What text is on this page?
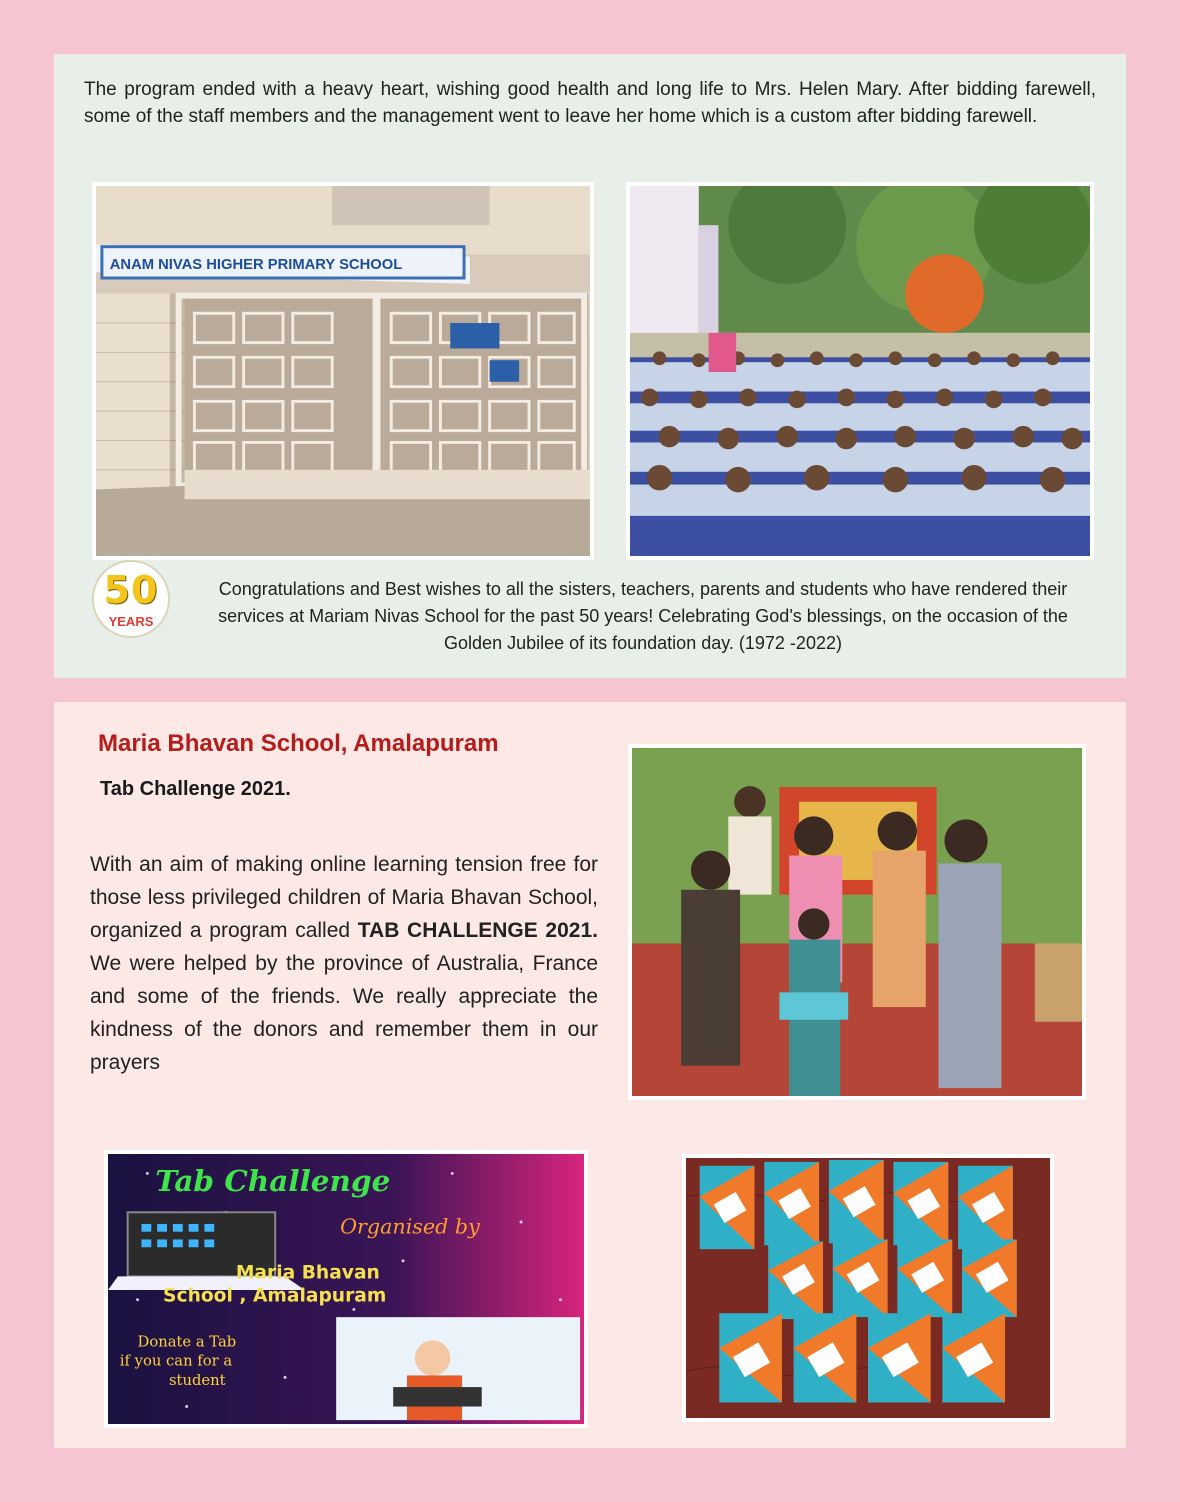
The program ended with a heavy heart, wishing good health and long life to Mrs. Helen Mary. After bidding farewell, some of the staff members and the management went to leave her home which is a custom after bidding farewell.

ANAM NIVAS HIGHER PRIMARY SCHOOL
50
YEARS

Congratulations and Best wishes to all the sisters, teachers, parents and students who have rendered their services at Mariam Nivas School for the past 50 years! Celebrating God's blessings, on the occasion of the Golden Jubilee of its foundation day. (1972 -2022)

Maria Bhavan School, Amalapuram
Tab Challenge 2021.

With an aim of making online learning tension free for those less privileged children of Maria Bhavan School, organized a program called TAB CHALLENGE 2021. We were helped by the province of Australia, France and some of the friends. We really appreciate the kindness of the donors and remember them in our prayers

Tab Challenge
Organised by
Maria Bhavan
School , Amalapuram
Donate a Tab
if you can for a
student
